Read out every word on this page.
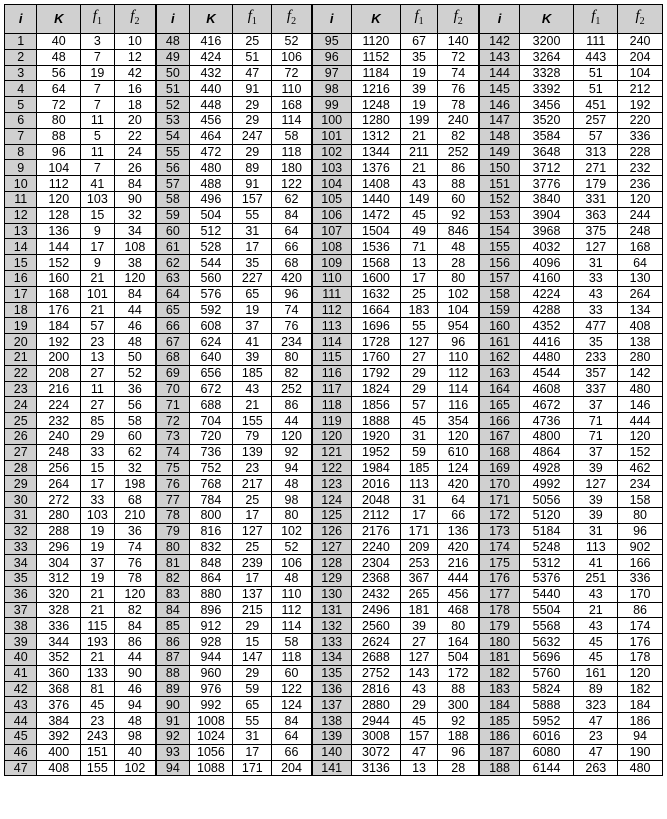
i	K	$f_1$	$f_2$	i	K	$f_1$	$f_2$	i	K	$f_1$	$f_2$	i	K	$f_1$	$f_2$
1	40	3	10	48	416	25	52	95	1120	67	140	142	3200	111	240
2	48	7	12	49	424	51	106	96	1152	35	72	143	3264	443	204
3	56	19	42	50	432	47	72	97	1184	19	74	144	3328	51	104
4	64	7	16	51	440	91	110	98	1216	39	76	145	3392	51	212
5	72	7	18	52	448	29	168	99	1248	19	78	146	3456	451	192
6	80	11	20	53	456	29	114	100	1280	199	240	147	3520	257	220
7	88	5	22	54	464	247	58	101	1312	21	82	148	3584	57	336
8	96	11	24	55	472	29	118	102	1344	211	252	149	3648	313	228
9	104	7	26	56	480	89	180	103	1376	21	86	150	3712	271	232
10	112	41	84	57	488	91	122	104	1408	43	88	151	3776	179	236
11	120	103	90	58	496	157	62	105	1440	149	60	152	3840	331	120
12	128	15	32	59	504	55	84	106	1472	45	92	153	3904	363	244
13	136	9	34	60	512	31	64	107	1504	49	846	154	3968	375	248
14	144	17	108	61	528	17	66	108	1536	71	48	155	4032	127	168
15	152	9	38	62	544	35	68	109	1568	13	28	156	4096	31	64
16	160	21	120	63	560	227	420	110	1600	17	80	157	4160	33	130
17	168	101	84	64	576	65	96	111	1632	25	102	158	4224	43	264
18	176	21	44	65	592	19	74	112	1664	183	104	159	4288	33	134
19	184	57	46	66	608	37	76	113	1696	55	954	160	4352	477	408
20	192	23	48	67	624	41	234	114	1728	127	96	161	4416	35	138
21	200	13	50	68	640	39	80	115	1760	27	110	162	4480	233	280
22	208	27	52	69	656	185	82	116	1792	29	112	163	4544	357	142
23	216	11	36	70	672	43	252	117	1824	29	114	164	4608	337	480
24	224	27	56	71	688	21	86	118	1856	57	116	165	4672	37	146
25	232	85	58	72	704	155	44	119	1888	45	354	166	4736	71	444
26	240	29	60	73	720	79	120	120	1920	31	120	167	4800	71	120
27	248	33	62	74	736	139	92	121	1952	59	610	168	4864	37	152
28	256	15	32	75	752	23	94	122	1984	185	124	169	4928	39	462
29	264	17	198	76	768	217	48	123	2016	113	420	170	4992	127	234
30	272	33	68	77	784	25	98	124	2048	31	64	171	5056	39	158
31	280	103	210	78	800	17	80	125	2112	17	66	172	5120	39	80
32	288	19	36	79	816	127	102	126	2176	171	136	173	5184	31	96
33	296	19	74	80	832	25	52	127	2240	209	420	174	5248	113	902
34	304	37	76	81	848	239	106	128	2304	253	216	175	5312	41	166
35	312	19	78	82	864	17	48	129	2368	367	444	176	5376	251	336
36	320	21	120	83	880	137	110	130	2432	265	456	177	5440	43	170
37	328	21	82	84	896	215	112	131	2496	181	468	178	5504	21	86
38	336	115	84	85	912	29	114	132	2560	39	80	179	5568	43	174
39	344	193	86	86	928	15	58	133	2624	27	164	180	5632	45	176
40	352	21	44	87	944	147	118	134	2688	127	504	181	5696	45	178
41	360	133	90	88	960	29	60	135	2752	143	172	182	5760	161	120
42	368	81	46	89	976	59	122	136	2816	43	88	183	5824	89	182
43	376	45	94	90	992	65	124	137	2880	29	300	184	5888	323	184
44	384	23	48	91	1008	55	84	138	2944	45	92	185	5952	47	186
45	392	243	98	92	1024	31	64	139	3008	157	188	186	6016	23	94
46	400	151	40	93	1056	17	66	140	3072	47	96	187	6080	47	190
47	408	155	102	94	1088	171	204	141	3136	13	28	188	6144	263	480
